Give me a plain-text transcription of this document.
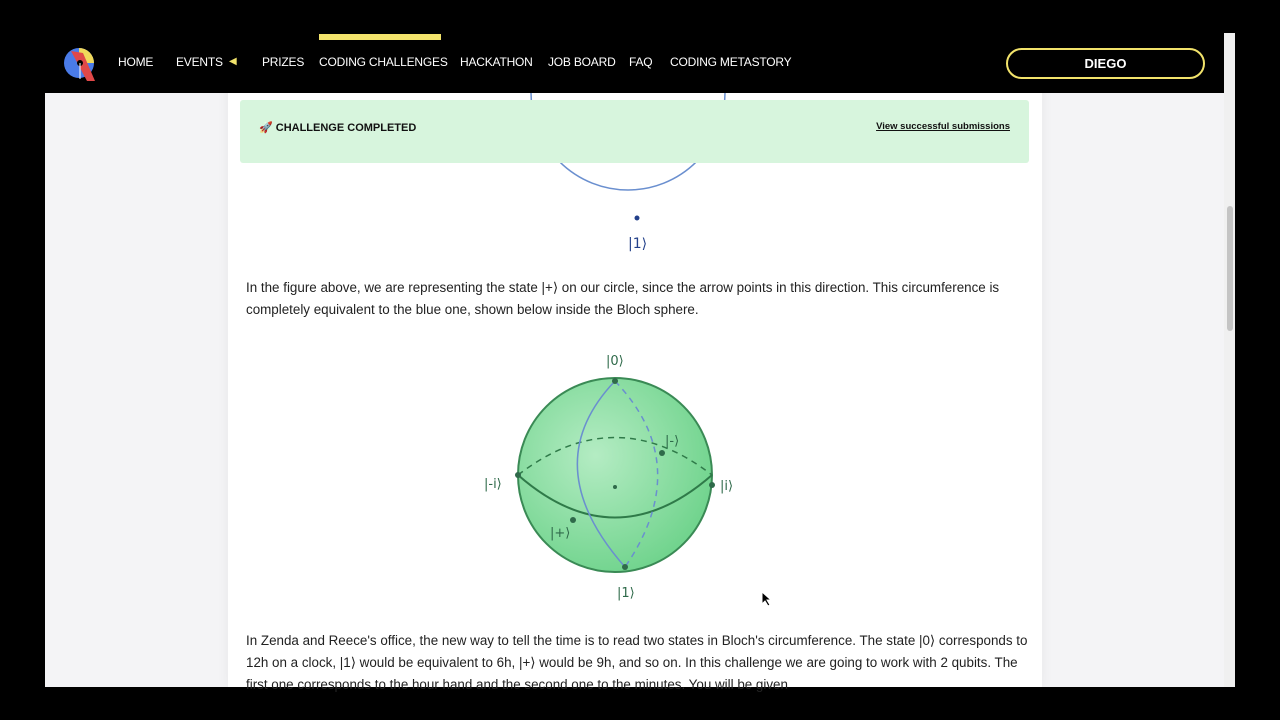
HOME EVENTS ◀ PRIZES CODING CHALLENGES HACKATHON JOB BOARD FAQ CODING METASTORY	DIEGO
|1⟩
🚀 CHALLENGE COMPLETED	View successful submissions

In the figure above, we are representing the state |+⟩ on our circle, since the arrow points in this direction. This circumference is completely equivalent to the blue one, shown below inside the Bloch sphere.

|0⟩
|1⟩
|-i⟩	|i⟩
|+⟩
|-⟩

In Zenda and Reece's office, the new way to tell the time is to read two states in Bloch's circumference. The state |0⟩ corresponds to 12h on a clock, |1⟩ would be equivalent to 6h, |+⟩ would be 9h, and so on. In this challenge we are going to work with 2 qubits. The first one corresponds to the hour hand and the second one to the minutes. You will be given
